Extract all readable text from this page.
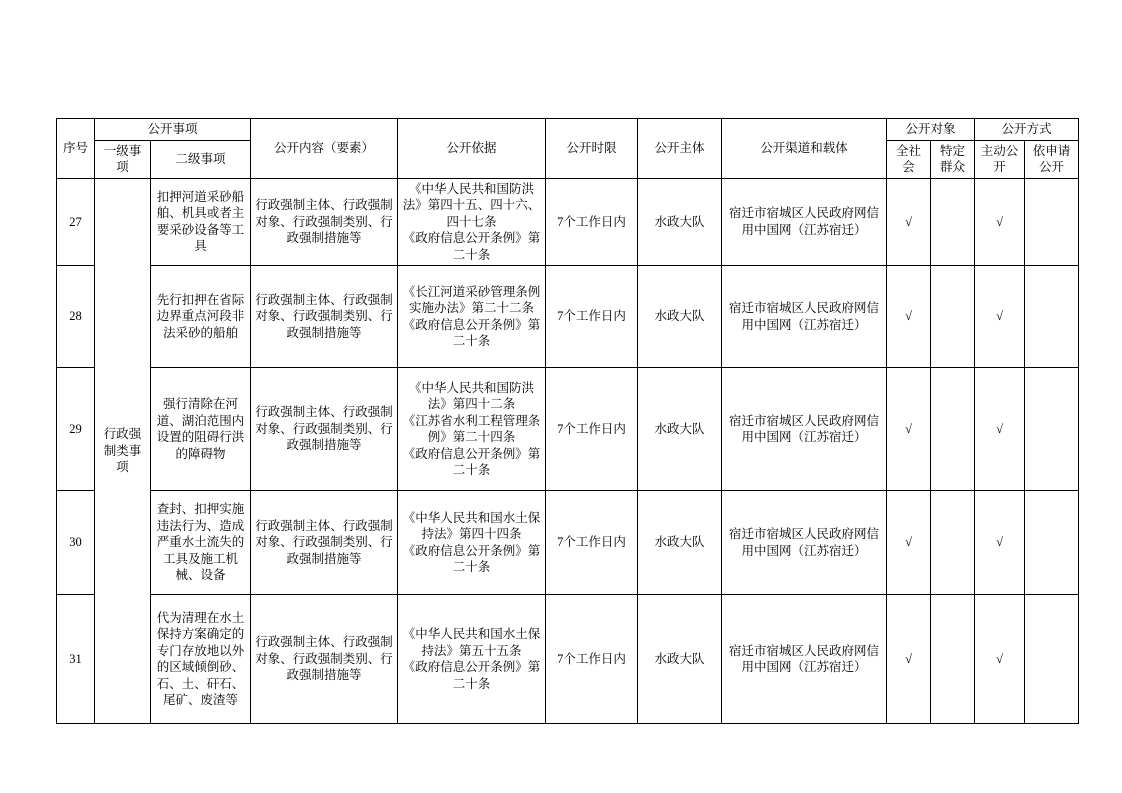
序号	公开事项		公开内容（要素）	公开依据	公开时限	公开主体	公开渠道和载体	公开对象		公开方式	
	一级事项	二级事项						全社会	特定群众	主动公开	依申请公开
27	行政强制类事项	扣押河道采砂船舶、机具或者主要采砂设备等工具	行政强制主体、行政强制对象、行政强制类别、行政强制措施等	《中华人民共和国防洪法》第四十五、四十六、四十七条
《政府信息公开条例》第二十条	7个工作日内	水政大队	宿迁市宿城区人民政府网信用中国网（江苏宿迁）	√		√	
28		先行扣押在省际边界重点河段非法采砂的船舶	行政强制主体、行政强制对象、行政强制类别、行政强制措施等	《长江河道采砂管理条例实施办法》第二十二条
《政府信息公开条例》第二十条	7个工作日内	水政大队	宿迁市宿城区人民政府网信用中国网（江苏宿迁）	√		√	
29		强行清除在河道、湖泊范围内设置的阻碍行洪的障碍物	行政强制主体、行政强制对象、行政强制类别、行政强制措施等	《中华人民共和国防洪法》第四十二条
《江苏省水利工程管理条例》第二十四条
《政府信息公开条例》第二十条	7个工作日内	水政大队	宿迁市宿城区人民政府网信用中国网（江苏宿迁）	√		√	
30		查封、扣押实施违法行为、造成严重水土流失的工具及施工机械、设备	行政强制主体、行政强制对象、行政强制类别、行政强制措施等	《中华人民共和国水土保持法》第四十四条
《政府信息公开条例》第二十条	7个工作日内	水政大队	宿迁市宿城区人民政府网信用中国网（江苏宿迁）	√		√	
31		代为清理在水土保持方案确定的专门存放地以外的区域倾倒砂、石、土、矸石、尾矿、废渣等	行政强制主体、行政强制对象、行政强制类别、行政强制措施等	《中华人民共和国水土保持法》第五十五条
《政府信息公开条例》第二十条	7个工作日内	水政大队	宿迁市宿城区人民政府网信用中国网（江苏宿迁）	√		√	
